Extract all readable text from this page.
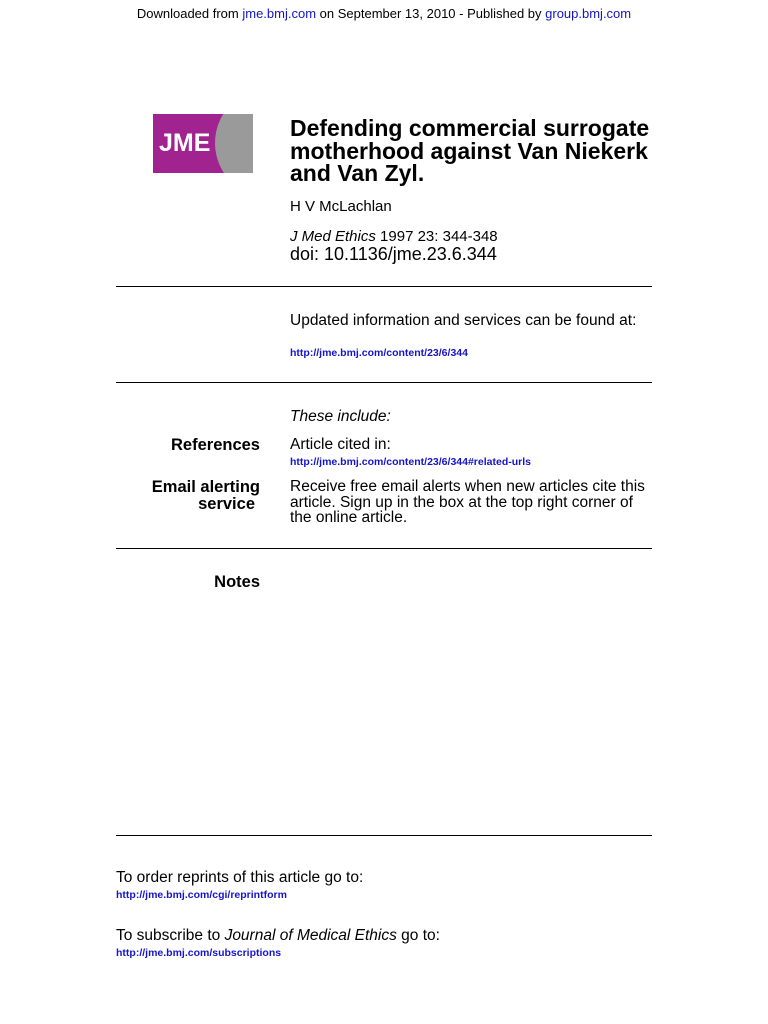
Downloaded from jme.bmj.com on September 13, 2010 - Published by group.bmj.com
JME
Defending commercial surrogate motherhood against Van Niekerk and Van Zyl.
H V McLachlan
J Med Ethics 1997 23: 344-348
doi: 10.1136/jme.23.6.344
Updated information and services can be found at:
http://jme.bmj.com/content/23/6/344
These include:
References Article cited in:
http://jme.bmj.com/content/23/6/344#related-urls
Email alerting
service
Receive free email alerts when new articles cite this article. Sign up in the box at the top right corner of the online article.
Notes
To order reprints of this article go to:
http://jme.bmj.com/cgi/reprintform
To subscribe to Journal of Medical Ethics go to:
http://jme.bmj.com/subscriptions
